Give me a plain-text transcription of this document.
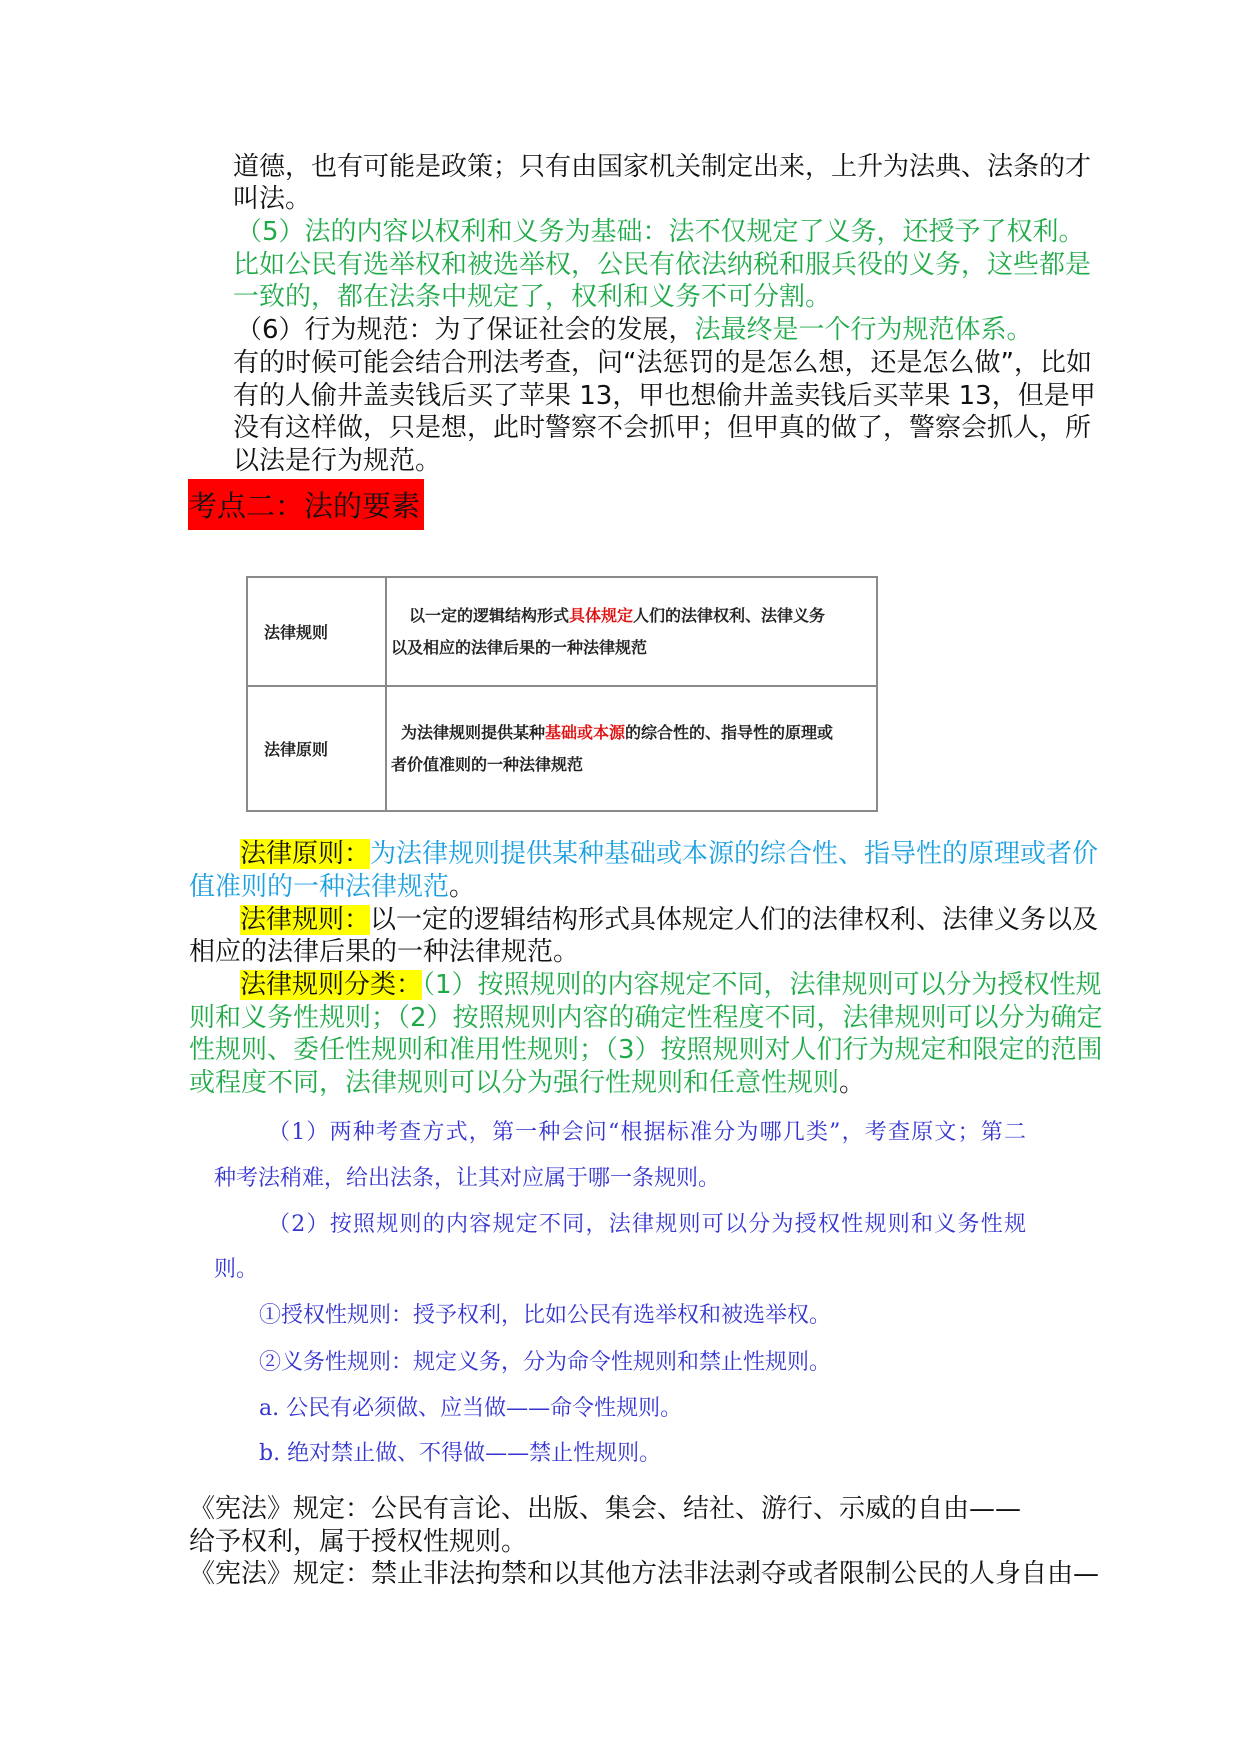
道德，也有可能是政策；只有由国家机关制定出来，上升为法典、法条的才
叫法。
（5）法的内容以权利和义务为基础：法不仅规定了义务，还授予了权利。
比如公民有选举权和被选举权，公民有依法纳税和服兵役的义务，这些都是
一致的，都在法条中规定了，权利和义务不可分割。
（6）行为规范：为了保证社会的发展，法最终是一个行为规范体系。
有的时候可能会结合刑法考查，问“法惩罚的是怎么想，还是怎么做”，比如
有的人偷井盖卖钱后买了苹果 13，甲也想偷井盖卖钱后买苹果 13，但是甲
没有这样做，只是想，此时警察不会抓甲；但甲真的做了，警察会抓人，所
以法是行为规范。
考点二：法的要素
法律规则	以一定的逻辑结构形式具体规定人们的法律权利、法律义务
以及相应的法律后果的一种法律规范

法律原则	为法律规则提供某种基础或本源的综合性的、指导性的原理或
者价值准则的一种法律规范
法律原则：为法律规则提供某种基础或本源的综合性、指导性的原理或者价
值准则的一种法律规范。
法律规则：以一定的逻辑结构形式具体规定人们的法律权利、法律义务以及
相应的法律后果的一种法律规范。
法律规则分类：（1）按照规则的内容规定不同，法律规则可以分为授权性规
则和义务性规则；（2）按照规则内容的确定性程度不同，法律规则可以分为确定
性规则、委任性规则和准用性规则；（3）按照规则对人们行为规定和限定的范围
或程度不同，法律规则可以分为强行性规则和任意性规则。
（1）两种考查方式，第一种会问“根据标准分为哪几类”，考查原文；第二
种考法稍难，给出法条，让其对应属于哪一条规则。
（2）按照规则的内容规定不同，法律规则可以分为授权性规则和义务性规
则。
①授权性规则：授予权利，比如公民有选举权和被选举权。
②义务性规则：规定义务，分为命令性规则和禁止性规则。
a. 公民有必须做、应当做——命令性规则。
b. 绝对禁止做、不得做——禁止性规则。
《宪法》规定：公民有言论、出版、集会、结社、游行、示威的自由——
给予权利，属于授权性规则。
《宪法》规定：禁止非法拘禁和以其他方法非法剥夺或者限制公民的人身自由—
